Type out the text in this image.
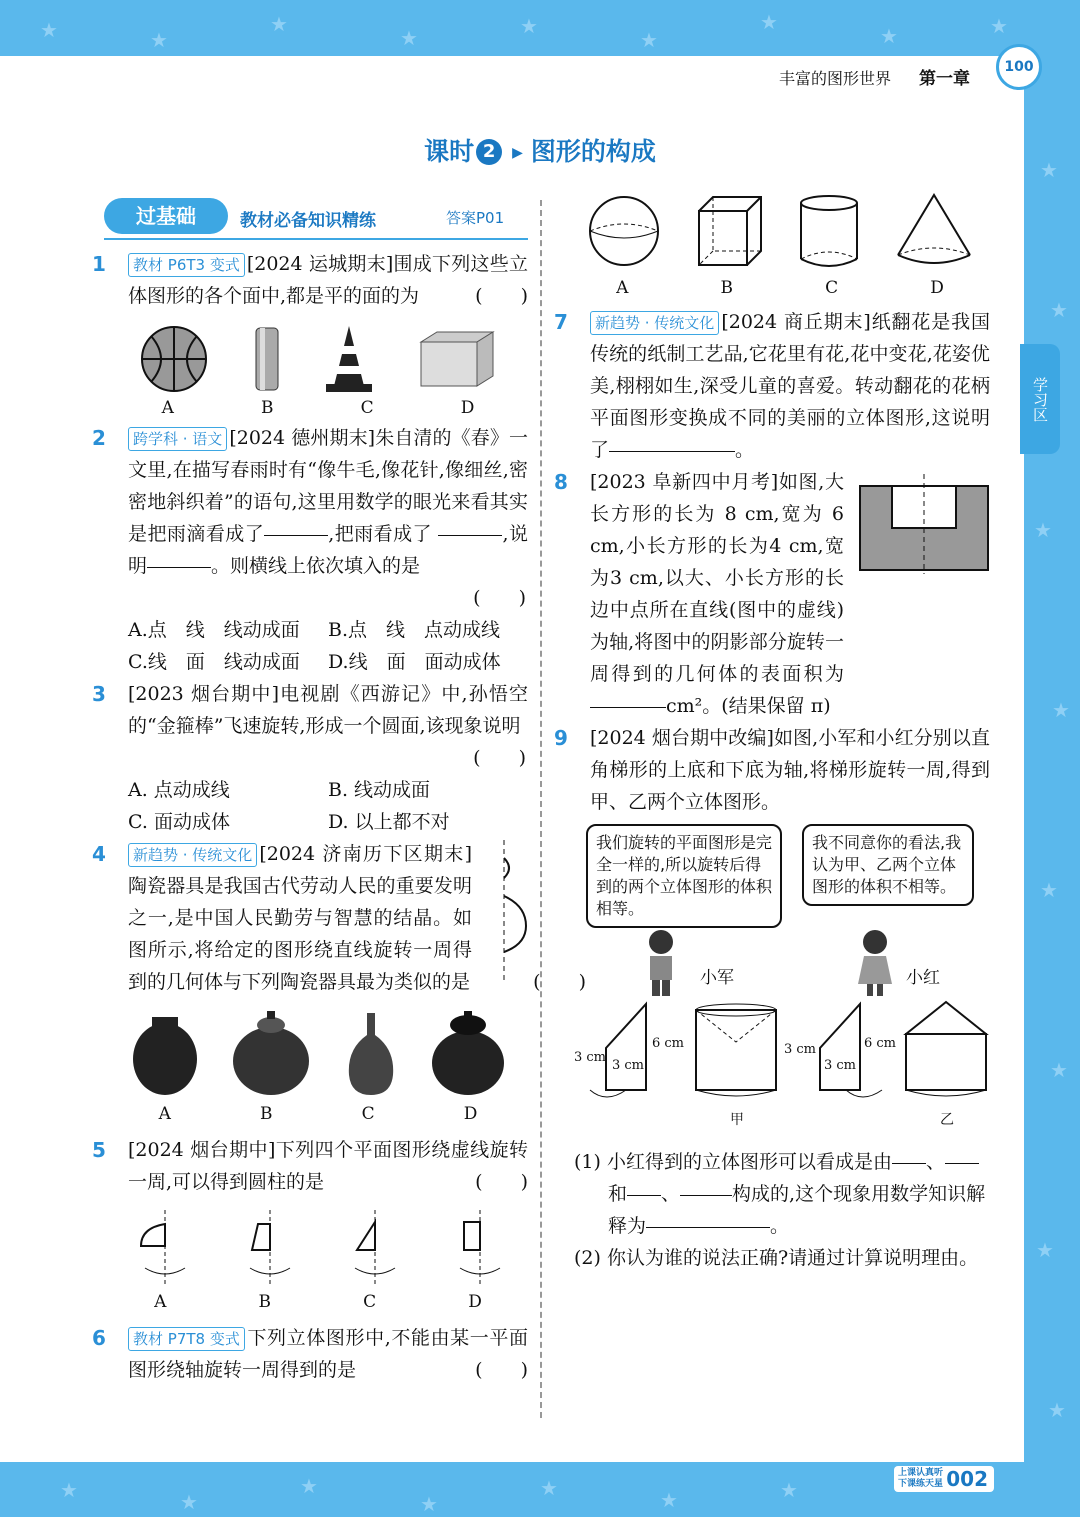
★	★
★
★	★
★
★
★	★
★	★
★
★
★	★	★
★
★
★
★
★
★
★
★
丰富的图形世界 第一章
100
课时 2 ▶ 图形的构成
学习区
过基础	教材必备知识精练	答案P01
1 教材 P6T3 变式 [2024 运城期末]围成下列这些立体图形的各个面中,都是平的面的为	(　　)
A	B	C	D
2 跨学科 · 语文 [2024 德州期末]朱自清的《春》一文里,在描写春雨时有“像牛毛,像花针,像细丝,密密地斜织着”的语句,这里用数学的眼光来看其实是把雨滴看成了	,把雨看成了	,说明	。则横线上依次填入的是
(　　)
A.点　线　线动成面	B.点　线　点动成线
C.线　面　线动成面	D.线　面　面动成体
3 [2023 烟台期中]电视剧《西游记》中,孙悟空的“金箍棒”飞速旋转,形成一个圆面,该现象说明
(　　)
A. 点动成线	B. 线动成面
C. 面动成体	D. 以上都不对
4 新趋势 · 传统文化 [2024 济南历下区期末]陶瓷器具是我国古代劳动人民的重要发明之一,是中国人民勤劳与智慧的结晶。如图所示,将给定的图形绕直线旋转一周得到的几何体与下列陶瓷器具最为类似的是	(　　)
A	B	C	D
5 [2024 烟台期中]下列四个平面图形绕虚线旋转一周,可以得到圆柱的是	(　　)
A	B	C	D
6 教材 P7T8 变式 下列立体图形中,不能由某一平面图形绕轴旋转一周得到的是	(　　)
A	B	C	D
7 新趋势 · 传统文化 [2024 商丘期末]纸翻花是我国传统的纸制工艺品,它花里有花,花中变花,花姿优美,栩栩如生,深受儿童的喜爱。转动翻花的花柄平面图形变换成不同的美丽的立体图形,这说明了	。
8 [2023 阜新四中月考]如图,大长方形的长为 8 cm,宽为 6 cm,小长方形的长为4 cm,宽为3 cm,以大、小长方形的长边中点所在直线(图中的虚线)为轴,将图中的阴影部分旋转一周得到的几何体的表面积为cm²。(结果保留 π)
9 [2024 烟台期中改编]如图,小军和小红分别以直角梯形的上底和下底为轴,将梯形旋转一周,得到甲、乙两个立体图形。
我们旋转的平面图形是完全一样的,所以旋转后得到的两个立体图形的体积相等。
我不同意你的看法,我认为甲、乙两个立体图形的体积不相等。
小军	小红
3 cm
3 cm
6 cm
甲
3 cm
3 cm
6 cm
乙
(1) 小红得到的立体图形可以看成是由 、
和 、	构成的,这个现象用数学知识解释为	。
(2) 你认为谁的说法正确?请通过计算说明理由。
上课认真听
下课练天星 002
